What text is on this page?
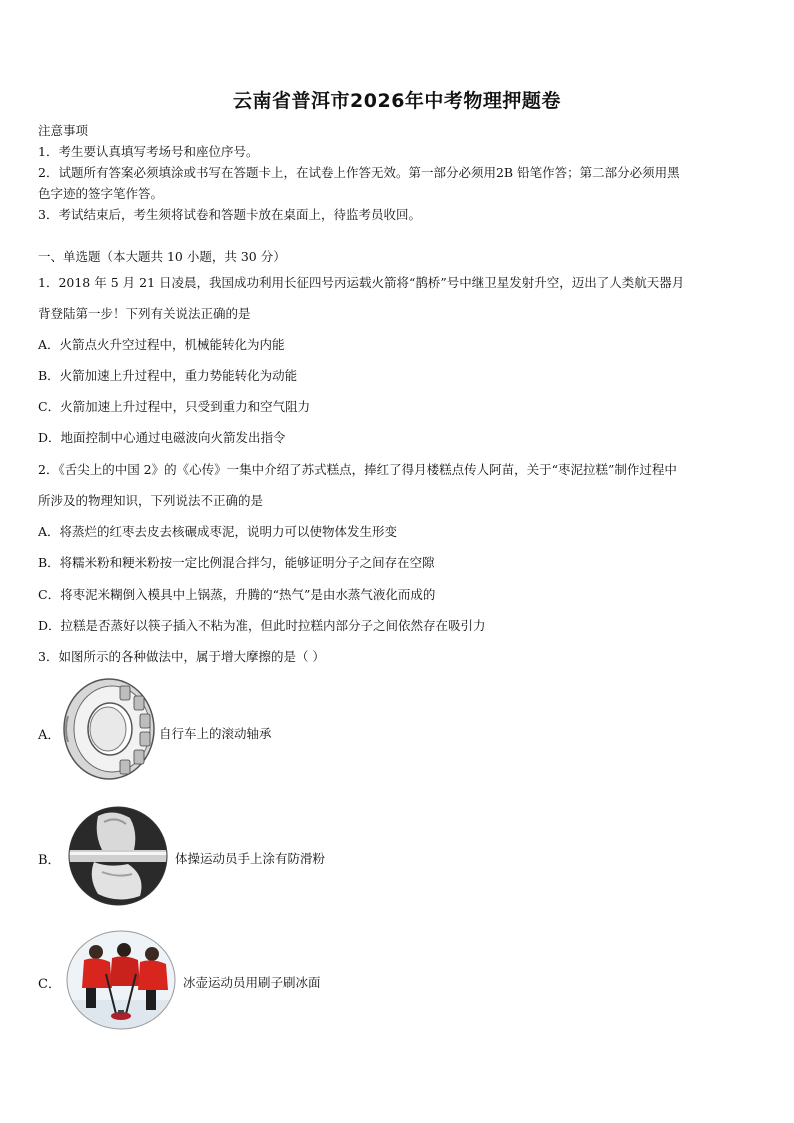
云南省普洱市2026年中考物理押题卷
注意事项
1．考生要认真填写考场号和座位序号。
2．试题所有答案必须填涂或书写在答题卡上，在试卷上作答无效。第一部分必须用2B 铅笔作答；第二部分必须用黑
色字迹的签字笔作答。
3．考试结束后，考生须将试卷和答题卡放在桌面上，待监考员收回。
一、单选题（本大题共 10 小题，共 30 分）
1．2018 年 5 月 21 日凌晨，我国成功利用长征四号丙运载火箭将“鹊桥”号中继卫星发射升空，迈出了人类航天器月
背登陆第一步！下列有关说法正确的是
A．火箭点火升空过程中，机械能转化为内能
B．火箭加速上升过程中，重力势能转化为动能
C．火箭加速上升过程中，只受到重力和空气阻力
D．地面控制中心通过电磁波向火箭发出指令
2．《舌尖上的中国 2》的《心传》一集中介绍了苏式糕点，捧红了得月楼糕点传人阿苗，关于“枣泥拉糕”制作过程中
所涉及的物理知识，下列说法不正确的是
A．将蒸烂的红枣去皮去核碾成枣泥，说明力可以使物体发生形变
B．将糯米粉和粳米粉按一定比例混合拌匀，能够证明分子之间存在空隙
C．将枣泥米糊倒入模具中上锅蒸，升腾的“热气”是由水蒸气液化而成的
D．拉糕是否蒸好以筷子插入不粘为准，但此时拉糕内部分子之间依然存在吸引力
3．如图所示的各种做法中，属于增大摩擦的是（ ）
A．	自行车上的滚动轴承
B．	体操运动员手上涂有防滑粉
C．	冰壶运动员用刷子刷冰面
